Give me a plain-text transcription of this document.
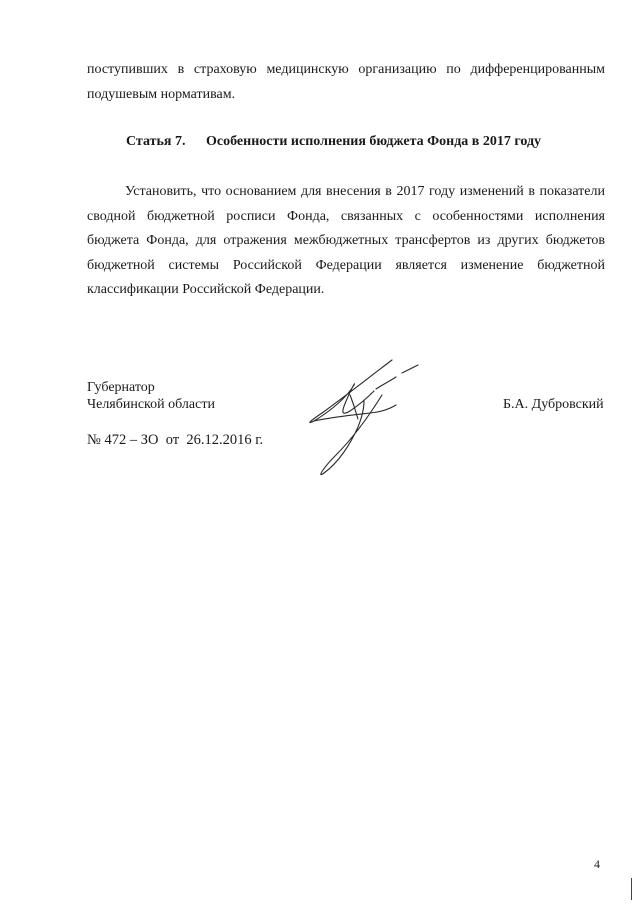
поступивших в страховую медицинскую организацию по дифференцированным
подушевым нормативам.
Статья 7. Особенности исполнения бюджета Фонда в 2017 году
Установить, что основанием для внесения в 2017 году изменений в показатели
сводной бюджетной росписи Фонда, связанных с особенностями исполнения
бюджета Фонда, для отражения межбюджетных трансфертов из других бюджетов
бюджетной системы Российской Федерации является изменение бюджетной
классификации Российской Федерации.
Губернатор
Челябинской области	Б.А. Дубровский
№ 472 – ЗО  от  26.12.2016 г.
4
